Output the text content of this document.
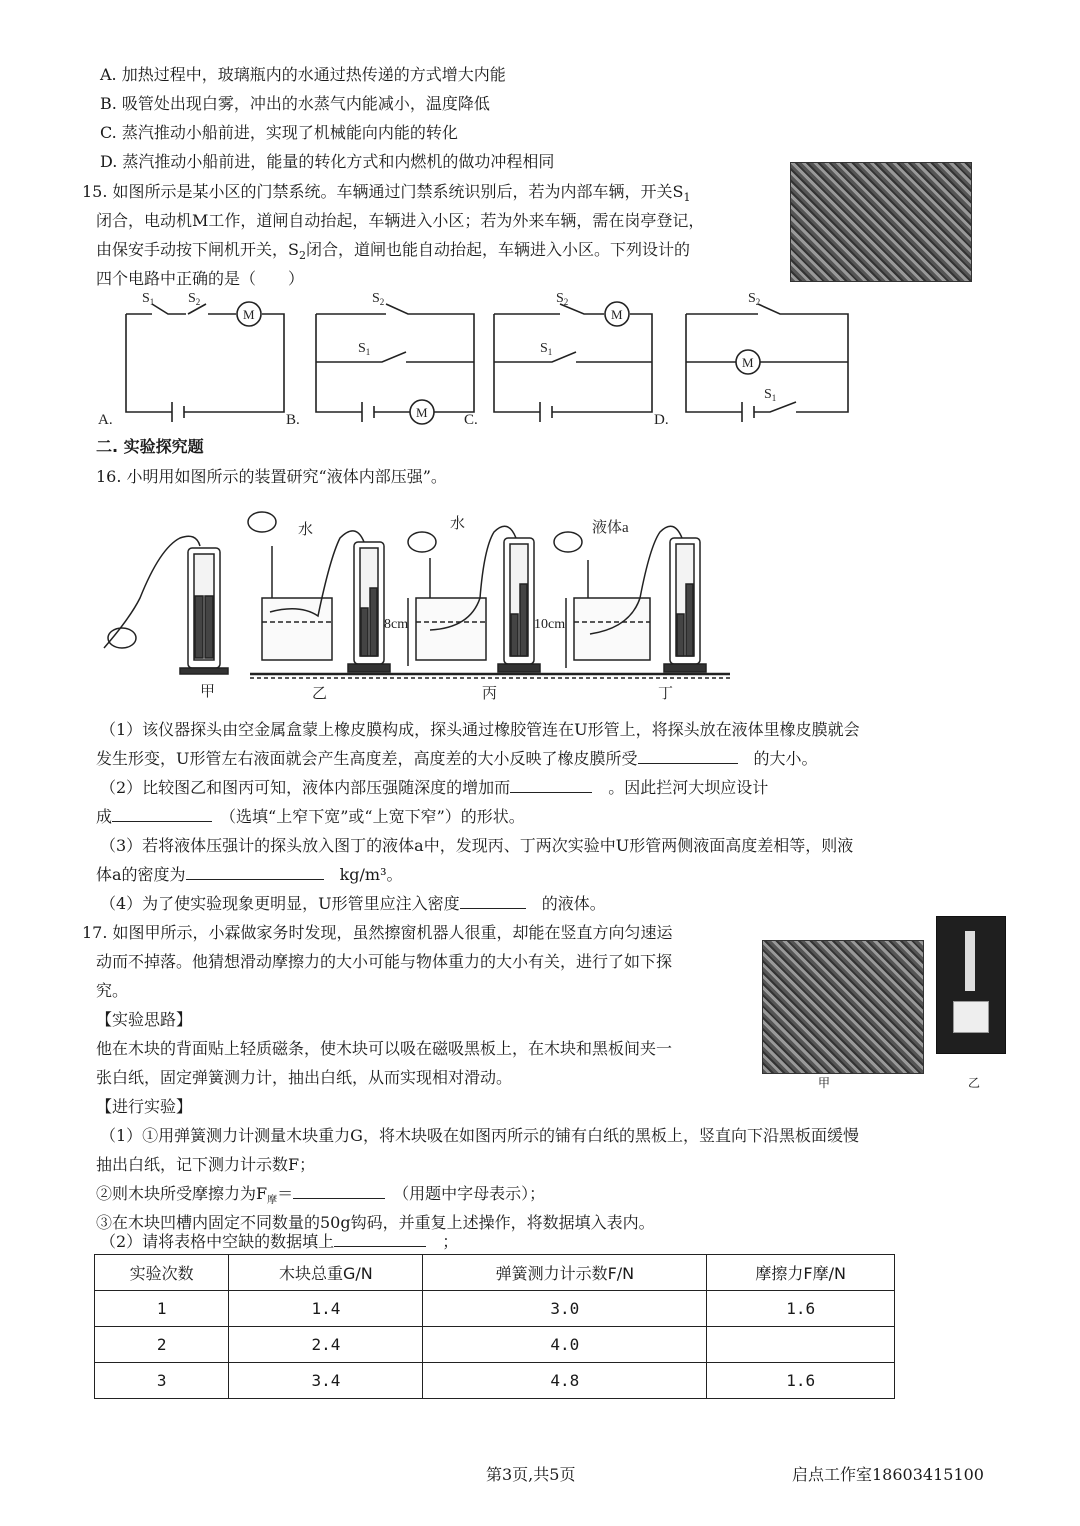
A. 加热过程中，玻璃瓶内的水通过热传递的方式增大内能
B. 吸管处出现白雾，冲出的水蒸气内能减小，温度降低
C. 蒸汽推动小船前进，实现了机械能向内能的转化
D. 蒸汽推动小船前进，能量的转化方式和内燃机的做功冲程相同
15. 如图所示是某小区的门禁系统。车辆通过门禁系统识别后，若为内部车辆，开关$S_1$
闭合，电动机M工作，道闸自动抬起，车辆进入小区；若为外来车辆，需在岗亭登记，
由保安手动按下闸机开关，$S_2$闭合，道闸也能自动抬起，车辆进入小区。下列设计的
四个电路中正确的是（　　）
$S_1$ $S_2$
M
$S_2$
$S_1$
M
$S_2$
$S_1$
M
$S_2$
M
$S_1$
A.	B.	C.	D.
二. 实验探究题
16. 小明用如图所示的装置研究“液体内部压强”。
水	水	液体a
8cm	10cm
甲	乙	丙	丁
（1）该仪器探头由空金属盒蒙上橡皮膜构成，探头通过橡胶管连在U形管上，将探头放在液体里橡皮膜就会
发生形变，U形管左右液面就会产生高度差，高度差的大小反映了橡皮膜所受　	的大小。
（2）比较图乙和图丙可知，液体内部压强随深度的增加而　	。因此拦河大坝应设计
成　	（选填“上窄下宽”或“上宽下窄”）的形状。
（3）若将液体压强计的探头放入图丁的液体a中，发现丙、丁两次实验中U形管两侧液面高度差相等，则液
体a的密度为　	kg/m³。
（4）为了使实验现象更明显，U形管里应注入密度　	的液体。
17. 如图甲所示，小霖做家务时发现，虽然擦窗机器人很重，却能在竖直方向匀速运
动而不掉落。他猜想滑动摩擦力的大小可能与物体重力的大小有关，进行了如下探
究。
【实验思路】
他在木块的背面贴上轻质磁条，使木块可以吸在磁吸黑板上，在木块和黑板间夹一
张白纸，固定弹簧测力计，抽出白纸，从而实现相对滑动。
【进行实验】
（1）①用弹簧测力计测量木块重力G，将木块吸在如图丙所示的铺有白纸的黑板上，竖直向下沿黑板面缓慢
抽出白纸，记下测力计示数F；
②则木块所受摩擦力为$F_摩=$　	（用题中字母表示）；
③在木块凹槽内固定不同数量的50g钩码，并重复上述操作，将数据填入表内。
（2）请将表格中空缺的数据填上　	；
甲	乙
实验次数	木块总重G/N	弹簧测力计示数F/N	摩擦力F摩/N
1	1.4	3.0	1.6
2	2.4	4.0	
3	3.4	4.8	1.6
第3页,共5页	启点工作室18603415100
